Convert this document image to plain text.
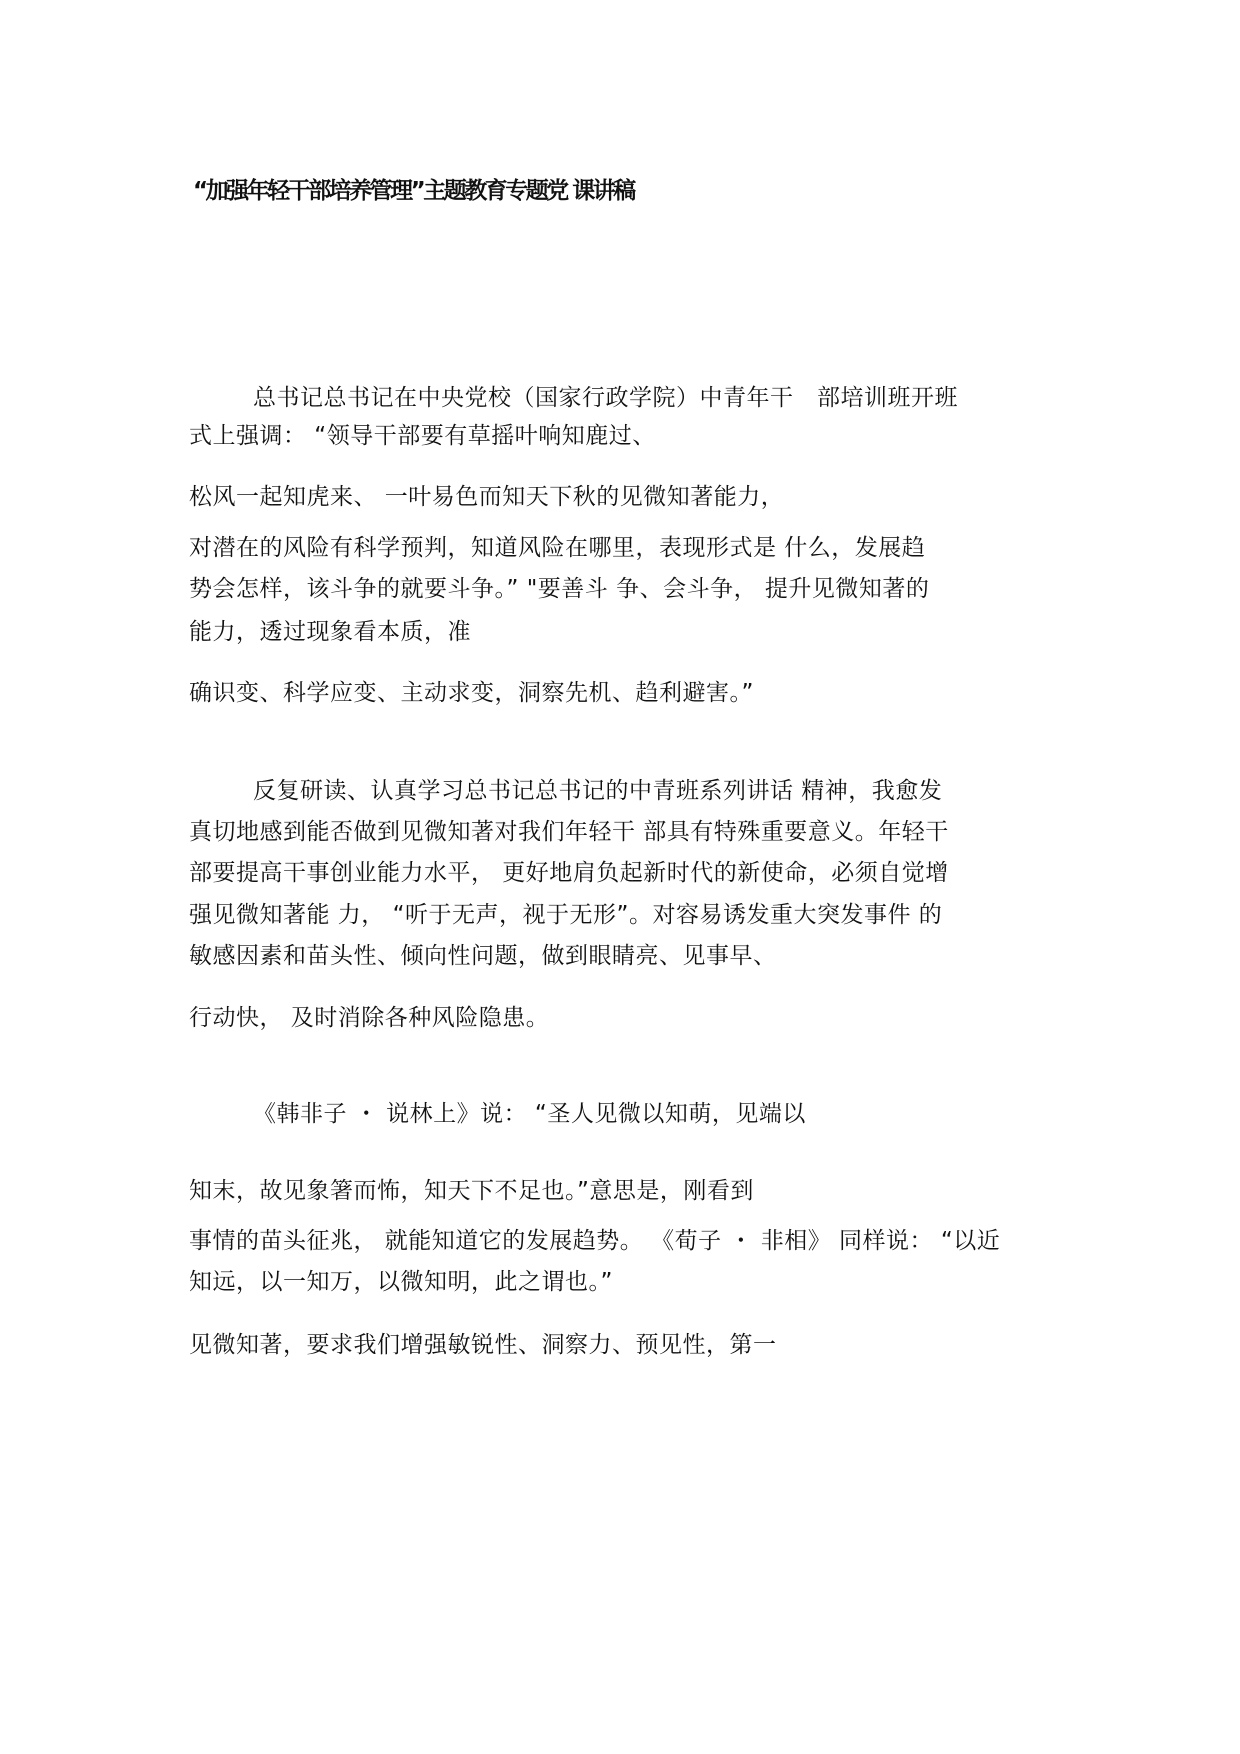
“加强年轻干部培养管理”主题教育专题党 课讲稿
总书记总书记在中央党校（国家行政学院）中青年干　部培训班开班
式上强调： “领导干部要有草摇叶响知鹿过、
松风一起知虎来、 一叶易色而知天下秋的见微知著能力，
对潜在的风险有科学预判，知道风险在哪里，表现形式是 什么，发展趋
势会怎样，该斗争的就要斗争。” "要善斗 争、会斗争， 提升见微知著的
能力，透过现象看本质，准
确识变、科学应变、主动求变，洞察先机、趋利避害。”
反复研读、认真学习总书记总书记的中青班系列讲话 精神，我愈发
真切地感到能否做到见微知著对我们年轻干 部具有特殊重要意义。年轻干
部要提高干事创业能力水平， 更好地肩负起新时代的新使命，必须自觉增
强见微知著能 力， “听于无声，视于无形”。对容易诱发重大突发事件 的
敏感因素和苗头性、倾向性问题，做到眼睛亮、见事早、
行动快， 及时消除各种风险隐患。
《韩非子 ・ 说林上》说： “圣人见微以知萌，见端以
知末，故见象箸而怖，知天下不足也。”意思是，刚看到
事情的苗头征兆， 就能知道它的发展趋势。 《荀子 ・ 非相》 同样说： “以近
知远，以一知万，以微知明，此之谓也。”
见微知著，要求我们增强敏锐性、洞察力、预见性，第一
